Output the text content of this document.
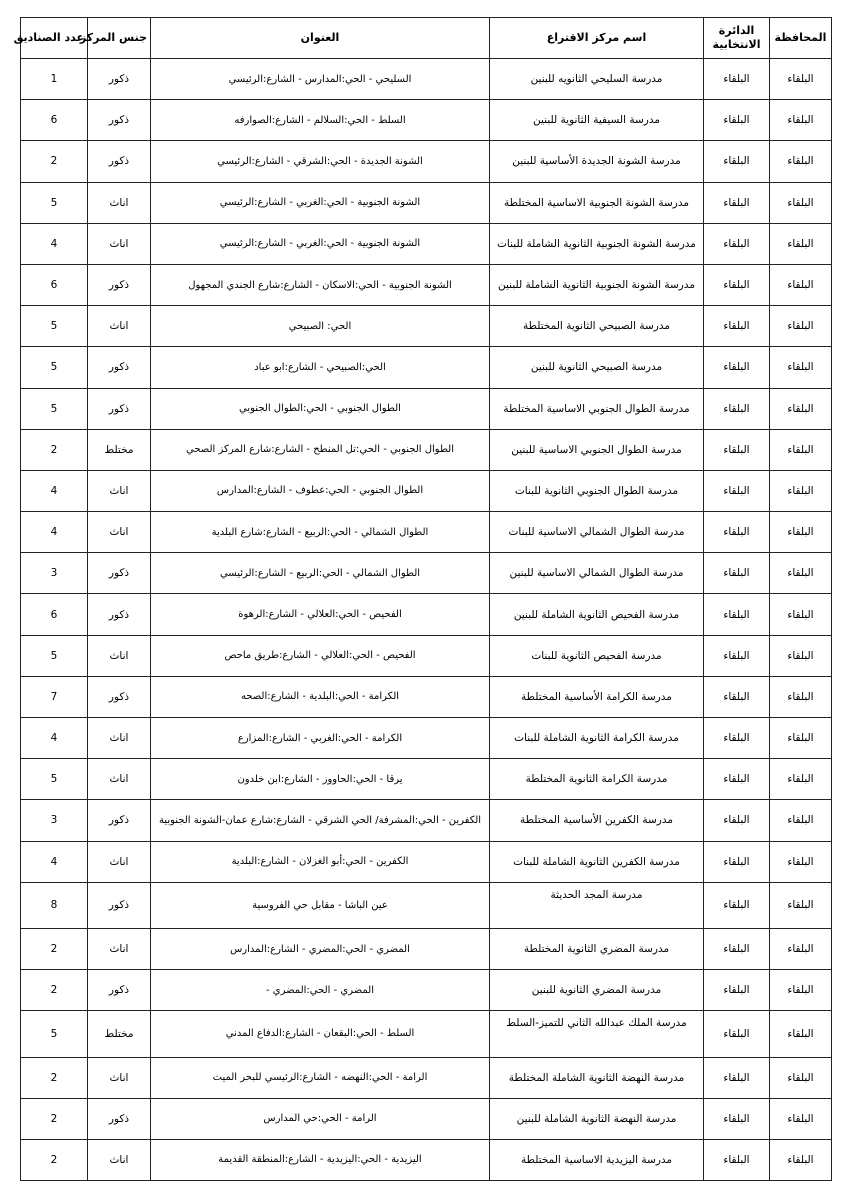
المحافظة	الدائرة الانتخابية	اسم مركز الاقتراع	العنوان	جنس المركز	عدد الصناديق
البلقاء	البلقاء	مدرسة السليحي الثانويه للبنين	السليحي - الحي:المدارس - الشارع:الرئيسي	ذكور	1
البلقاء	البلقاء	مدرسة السيفية الثانوية للبنين	السلط - الحي:السلالم - الشارع:الصوارفه	ذكور	6
البلقاء	البلقاء	مدرسة الشونة الجديدة الأساسية للبنين	الشونة الجديدة - الحي:الشرقي - الشارع:الرئيسي	ذكور	2
البلقاء	البلقاء	مدرسة الشونة الجنوبية الاساسية المختلطة	الشونة الجنوبية - الحي:الغربي - الشارع:الرئيسي	اناث	5
البلقاء	البلقاء	مدرسة الشونة الجنوبية الثانوية الشاملة للبنات	الشونة الجنوبية - الحي:الغربي - الشارع:الرئيسي	اناث	4
البلقاء	البلقاء	مدرسة الشونة الجنوبية الثانوية الشاملة للبنين	الشونة الجنوبية - الحي:الاسكان - الشارع:شارع الجندي المجهول	ذكور	6
البلقاء	البلقاء	مدرسة الصبيحي الثانوية المختلطة	الحي: الصبيحي	اناث	5
البلقاء	البلقاء	مدرسة الصبيحي الثانوية للبنين	الحي:الصبيحي - الشارع:ابو عباد	ذكور	5
البلقاء	البلقاء	مدرسة الطوال الجنوبي الاساسية المختلطة	الطوال الجنوبي - الحي:الطوال الجنوبي	ذكور	5
البلقاء	البلقاء	مدرسة الطوال الجنوبي الاساسية للبنين	الطوال الجنوبي - الحي:تل المنطح - الشارع:شارع المركز الصحي	مختلط	2
البلقاء	البلقاء	مدرسة الطوال الجنوبي الثانوية للبنات	الطوال الجنوبي - الحي:عطوف - الشارع:المدارس	اناث	4
البلقاء	البلقاء	مدرسة الطوال الشمالي الاساسية للبنات	الطوال الشمالي - الحي:الربيع - الشارع:شارع البلدية	اناث	4
البلقاء	البلقاء	مدرسة الطوال الشمالي الاساسية للبنين	الطوال الشمالي - الحي:الربيع - الشارع:الرئيسي	ذكور	3
البلقاء	البلقاء	مدرسة الفحيص الثانوية الشاملة للبنين	الفحيص - الحي:العلالي - الشارع:الرهوة	ذكور	6
البلقاء	البلقاء	مدرسة الفحيص الثانوية للبنات	الفحيص - الحي:العلالي - الشارع:طريق ماحص	اناث	5
البلقاء	البلقاء	مدرسة الكرامة الأساسية المختلطة	الكرامة - الحي:البلدية - الشارع:الصحه	ذكور	7
البلقاء	البلقاء	مدرسة الكرامة الثانوية الشاملة للبنات	الكرامة - الحي:الغربي - الشارع:المزارع	اناث	4
البلقاء	البلقاء	مدرسة الكرامة الثانوية المختلطة	يرقا - الحي:الحاووز - الشارع:ابن خلدون	اناث	5
البلقاء	البلقاء	مدرسة الكفرين الأساسية المختلطة	الكفرين - الحي:المشرفة/ الحي الشرقي - الشارع:شارع عمان-الشونة الجنوبية	ذكور	3
البلقاء	البلقاء	مدرسة الكفرين الثانوية الشاملة للبنات	الكفرين - الحي:أبو الغزلان - الشارع:البلدية	اناث	4
البلقاء	البلقاء	مدرسة المجد الحديثة	عين الباشا - مقابل حي الفروسية	ذكور	8
البلقاء	البلقاء	مدرسة المضري الثانوية المختلطة	المضري - الحي:المضري - الشارع:المدارس	اناث	2
البلقاء	البلقاء	مدرسة المضري الثانوية للبنين	المضري - الحي:المضري -	ذكور	2
البلقاء	البلقاء	مدرسة الملك عبدالله الثاني للتميز-السلط	السلط - الحي:البقعان - الشارع:الدفاع المدني	مختلط	5
البلقاء	البلقاء	مدرسة النهضة الثانوية الشاملة المختلطة	الرامة - الحي:النهضه - الشارع:الرئيسي للبحر الميت	اناث	2
البلقاء	البلقاء	مدرسة النهضة الثانوية الشاملة للبنين	الرامة - الحي:حي المدارس	ذكور	2
البلقاء	البلقاء	مدرسة اليزيدية الاساسية المختلطة	اليزيدية - الحي:اليزيدية - الشارع:المنطقة القديمة	اناث	2
